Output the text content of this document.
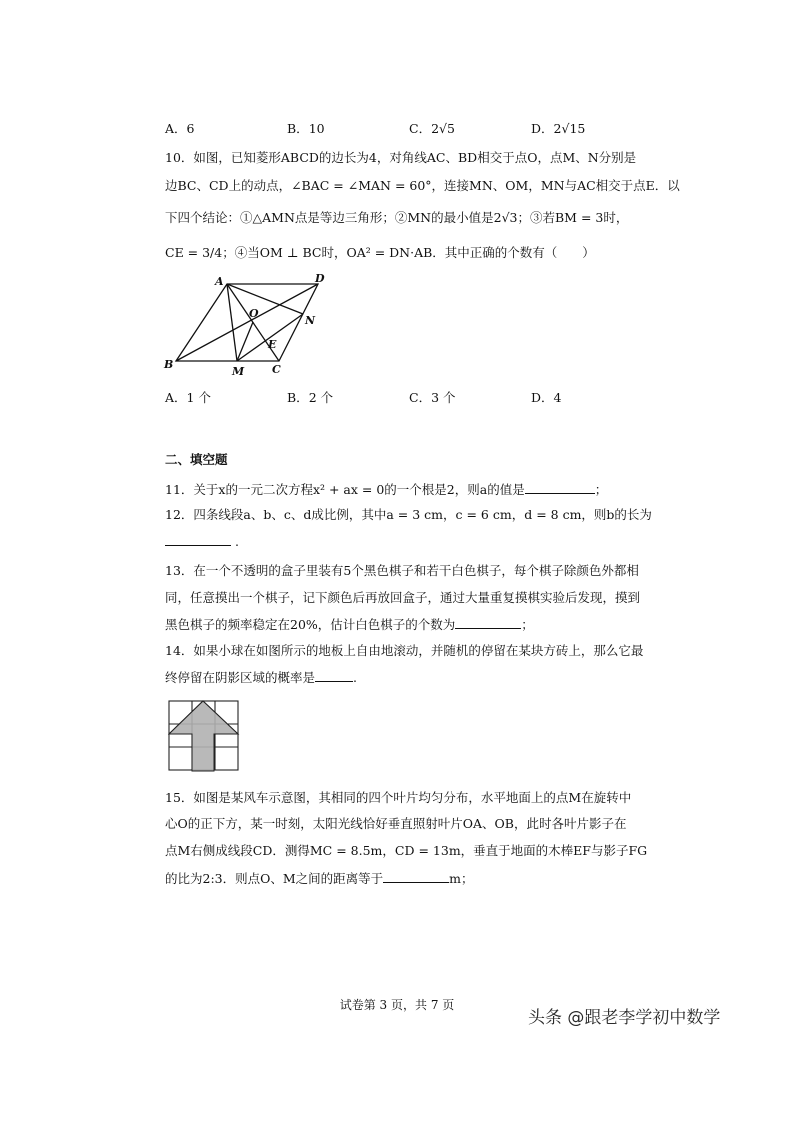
A．6	B．10	C．2√5	D．2√15
10．如图，已知菱形ABCD的边长为4，对角线AC、BD相交于点O，点M、N分别是
边BC、CD上的动点，∠BAC = ∠MAN = 60°，连接MN、OM，MN与AC相交于点E．以
下四个结论：①△AMN点是等边三角形；②MN的最小值是2√3；③若BM = 3时，
CE = 3/4；④当OM ⊥ BC时，OA² = DN·AB．其中正确的个数有（　　）
A	D
B	C
O
N
E
M
A．1 个	B．2 个	C．3 个	D．4
二、填空题
11．关于x的一元二次方程x² + ax = 0的一个根是2，则a的值是	；
12．四条线段a、b、c、d成比例，其中a = 3 cm，c = 6 cm，d = 8 cm，则b的长为
.
13．在一个不透明的盒子里装有5个黑色棋子和若干白色棋子，每个棋子除颜色外都相
同，任意摸出一个棋子，记下颜色后再放回盒子，通过大量重复摸棋实验后发现，摸到
黑色棋子的频率稳定在20%，估计白色棋子的个数为	；
14．如果小球在如图所示的地板上自由地滚动，并随机的停留在某块方砖上，那么它最
终停留在阴影区域的概率是	.
15．如图是某风车示意图，其相同的四个叶片均匀分布，水平地面上的点M在旋转中
心O的正下方，某一时刻，太阳光线恰好垂直照射叶片OA、OB，此时各叶片影子在
点M右侧成线段CD．测得MC = 8.5m，CD = 13m，垂直于地面的木棒EF与影子FG
的比为2:3．则点O、M之间的距离等于	m；
试卷第 3 页，共 7 页
头条 @跟老李学初中数学
